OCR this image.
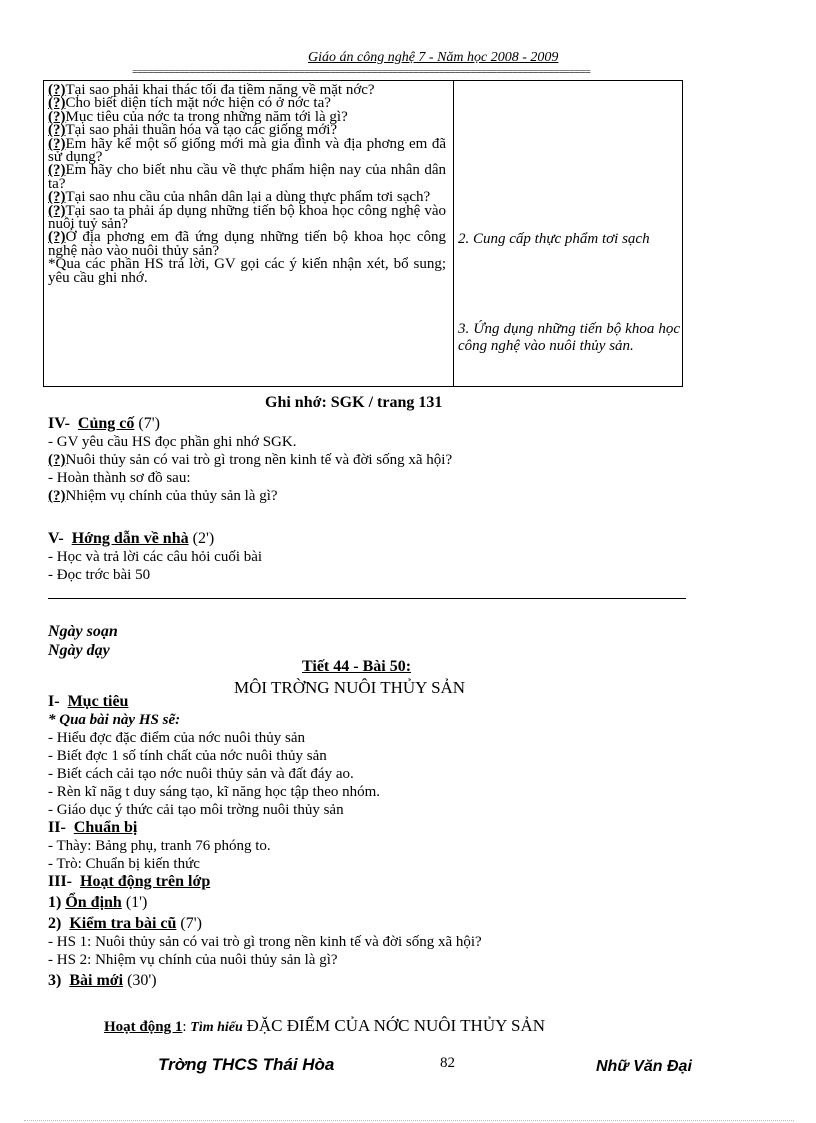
Giáo án công nghệ 7 - Năm học 2008 - 2009
========================================================================================

(?)Tại sao phải khai thác tối đa tiềm năng về mặt nớc?

(?)Cho biết diện tích mặt nớc hiện có ở nớc ta?

(?)Mục tiêu của nớc ta trong những năm tới là gì?

(?)Tại sao phải thuần hóa và tạo các giống mới?

(?)Em hãy kể một số giống mới mà gia đình và địa phơng em đã sử dụng?

(?)Em hãy cho biết nhu cầu về thực phẩm hiện nay của nhân dân ta?

(?)Tại sao nhu cầu của nhân dân lại a dùng thực phẩm tơi sạch?

(?)Tại sao ta phải áp dụng những tiến bộ khoa học công nghệ vào nuôi tuỷ sản?

(?)Ở địa phơng em đã ứng dụng những tiến bộ khoa học công nghệ nào vào nuôi thủy sản?

*Qua các phần HS trả lời, GV gọi các ý kiến nhận xét, bổ sung; yêu cầu ghi nhớ.

2. Cung cấp thực phẩm tơi sạch
3. Ứng dụng những tiến bộ khoa học công nghệ vào nuôi thủy sản.
Ghi nhớ: SGK / trang 131
IV- Củng cố (7')
- GV yêu cầu HS đọc phần ghi nhớ SGK.
(?)Nuôi thủy sản có vai trò gì trong nền kinh tế và đời sống xã hội?
- Hoàn thành sơ đồ sau:
(?)Nhiệm vụ chính của thủy sản là gì?
V- Hớng dẫn về nhà (2')
- Học và trả lời các câu hỏi cuối bài
- Đọc trớc bài 50
Ngày soạn
Ngày dạy
Tiết 44 - Bài 50:
MÔI TRỜNG NUÔI THỦY SẢN
I- Mục tiêu
* Qua bài này HS sẽ:
- Hiểu đợc đặc điểm của nớc nuôi thủy sản
- Biết đợc 1 số tính chất của nớc nuôi thủy sản
- Biết cách cải tạo nớc nuôi thủy sản và đất đáy ao.
- Rèn kĩ năg t duy sáng tạo, kĩ năng học tập theo nhóm.
- Giáo dục ý thức cải tạo môi trờng nuôi thủy sản
II- Chuẩn bị
- Thày: Bảng phụ, tranh 76 phóng to.
- Trò: Chuẩn bị kiến thức
III- Hoạt động trên lớp
1) Ổn định (1')
2) Kiểm tra bài cũ (7')
- HS 1: Nuôi thủy sản có vai trò gì trong nền kinh tế và đời sống xã hội?
- HS 2: Nhiệm vụ chính của nuôi thủy sản là gì?
3) Bài mới (30')
Hoạt động 1: Tìm hiểu ĐẶC ĐIỂM CỦA NỚC NUÔI THỦY SẢN
Trờng THCS Thái Hòa	82	Nhữ Văn Đại
